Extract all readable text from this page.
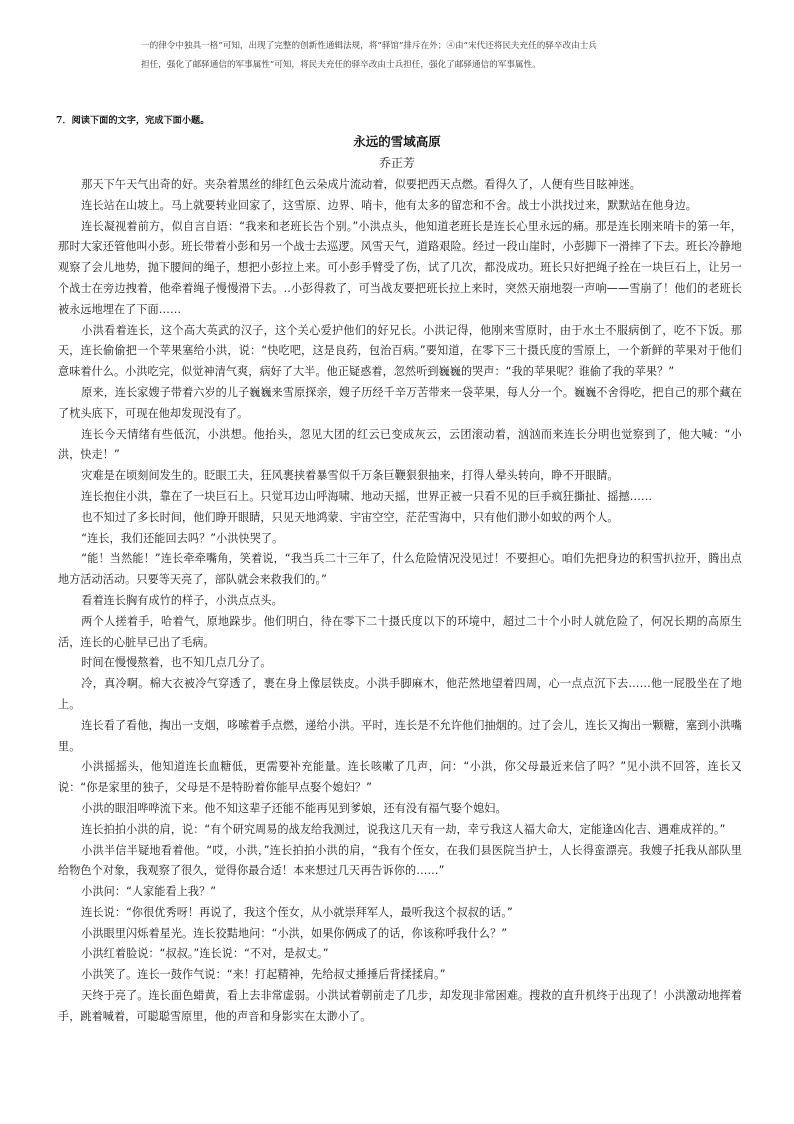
一的律令中独具一格”可知，出现了完整的创新性通辑法规，将“驿馆”排斥在外；④由“宋代还将民夫充任的驿卒改由士兵
担任，强化了邮驿通信的军事属性”可知，将民夫充任的驿卒改由士兵担任，强化了邮驿通信的军事属性。
7．阅读下面的文字，完成下面小题。
永远的雪域高原
乔正芳

那天下午天气出奇的好。夹杂着黑丝的绯红色云朵成片流动着，似要把西天点燃。看得久了，人便有些目眩神迷。

连长站在山坡上。马上就要转业回家了，这雪原、边界、哨卡，他有太多的留恋和不舍。战士小洪找过来，默默站在他身边。

连长凝视着前方，似自言自语：“我来和老班长告个别。”小洪点头，他知道老班长是连长心里永远的痛。那是连长刚来哨卡的第一年，那时大家还管他叫小彭。班长带着小彭和另一个战士去巡逻。风雪天气，道路艰险。经过一段山崖时，小彭脚下一滑摔了下去。班长冷静地观察了会儿地势，抛下腰间的绳子，想把小彭拉上来。可小彭手臂受了伤，试了几次，都没成功。班长只好把绳子拴在一块巨石上，让另一个战士在旁边拽着，他牵着绳子慢慢滑下去。..小彭得救了，可当战友要把班长拉上来时，突然天崩地裂一声响——雪崩了！他们的老班长被永远地埋在了下面……

小洪看着连长，这个高大英武的汉子，这个关心爱护他们的好兄长。小洪记得，他刚来雪原时，由于水土不服病倒了，吃不下饭。那天，连长偷偷把一个苹果塞给小洪，说：“快吃吧，这是良药，包治百病。”要知道，在零下三十摄氏度的雪原上，一个新鲜的苹果对于他们意味着什么。小洪吃完，似觉神清气爽，病好了大半。他正疑惑着，忽然听到巍巍的哭声：“我的苹果呢？谁偷了我的苹果？”

原来，连长家嫂子带着六岁的儿子巍巍来雪原探亲，嫂子历经千辛万苦带来一袋苹果，每人分一个。巍巍不舍得吃，把自己的那个藏在了枕头底下，可现在他却发现没有了。

连长今天情绪有些低沉，小洪想。他抬头，忽见大团的红云已变成灰云，云团滚动着，汹汹而来连长分明也觉察到了，他大喊：“小洪，快走！”

灾难是在顷刻间发生的。眨眼工夫，狂风裹挟着暴雪似千万条巨鞭狠狠抽来，打得人晕头转向，睁不开眼睛。

连长抱住小洪，靠在了一块巨石上。只觉耳边山呼海啸、地动天摇，世界正被一只看不见的巨手疯狂撕扯、摇撼……

也不知过了多长时间，他们睁开眼睛，只见天地鸿蒙、宇宙空空，茫茫雪海中，只有他们渺小如蚁的两个人。

“连长，我们还能回去吗？”小洪快哭了。

“能！当然能！”连长牵牵嘴角，笑着说，“我当兵二十三年了，什么危险情况没见过！不要担心。咱们先把身边的积雪扒拉开，腾出点地方活动活动。只要等天亮了，部队就会来救我们的。”

看着连长胸有成竹的样子，小洪点点头。

两个人搓着手，哈着气，原地跺步。他们明白，待在零下二十摄氏度以下的环境中，超过二十个小时人就危险了，何况长期的高原生活，连长的心脏早已出了毛病。

时间在慢慢熬着，也不知几点几分了。

冷，真冷啊。棉大衣被冷气穿透了，裹在身上像层铁皮。小洪手脚麻木，他茫然地望着四周，心一点点沉下去……他一屁股坐在了地上。

连长看了看他，掏出一支烟，哆嗦着手点燃，递给小洪。平时，连长是不允许他们抽烟的。过了会儿，连长又掏出一颗糖，塞到小洪嘴里。

小洪摇摇头，他知道连长血糖低，更需要补充能量。连长咳嗽了几声，问：“小洪，你父母最近来信了吗？”见小洪不回答，连长又说：“你是家里的独子，父母是不是特盼着你能早点娶个媳妇？”

小洪的眼泪哗哗流下来。他不知这辈子还能不能再见到爹娘，还有没有福气娶个媳妇。

连长拍拍小洪的肩，说：“有个研究周易的战友给我测过，说我这几天有一劫，幸亏我这人福大命大，定能逢凶化吉、遇难成祥的。”

小洪半信半疑地看着他。“哎，小洪，”连长拍拍小洪的肩，“我有个侄女，在我们县医院当护士，人长得蛮漂亮。我嫂子托我从部队里给物色个对象，我观察了很久，觉得你最合适！本来想过几天再告诉你的……”

小洪问：“人家能看上我？”

连长说：“你很优秀呀！再说了，我这个侄女，从小就崇拜军人，最听我这个叔叔的话。”

小洪眼里闪烁着星光。连长狡黠地问：“小洪，如果你俩成了的话，你该称呼我什么？”

小洪红着脸说：“叔叔。”连长说：“不对，是叔丈。”

小洪笑了。连长一鼓作气说：“来！打起精神，先给叔丈捶捶后背揉揉肩。”

天终于亮了。连长面色蜡黄，看上去非常虚弱。小洪试着朝前走了几步，却发现非常困难。搜救的直升机终于出现了！小洪激动地挥着手，跳着喊着，可聪聪雪原里，他的声音和身影实在太渺小了。
